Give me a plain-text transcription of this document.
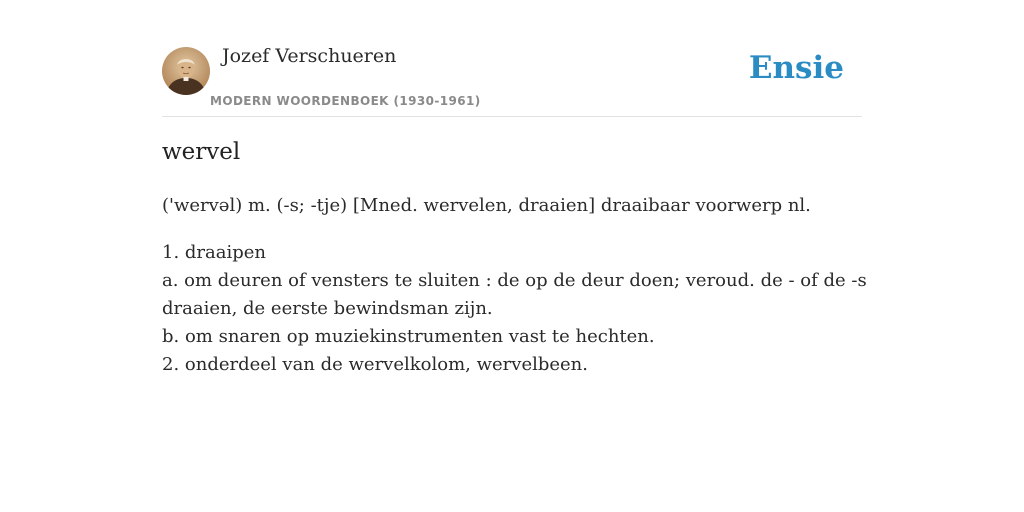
Jozef Verschueren
MODERN WOORDENBOEK (1930-1961)
Ensie
wervel
('wervəl) m. (-s; -tje) [Mned. wervelen, draaien] draaibaar voorwerp nl.
1. draaipen
a. om deuren of vensters te sluiten : de op de deur doen; veroud. de - of de -s
draaien, de eerste bewindsman zijn.
b. om snaren op muziekinstrumenten vast te hechten.
2. onderdeel van de wervelkolom, wervelbeen.
